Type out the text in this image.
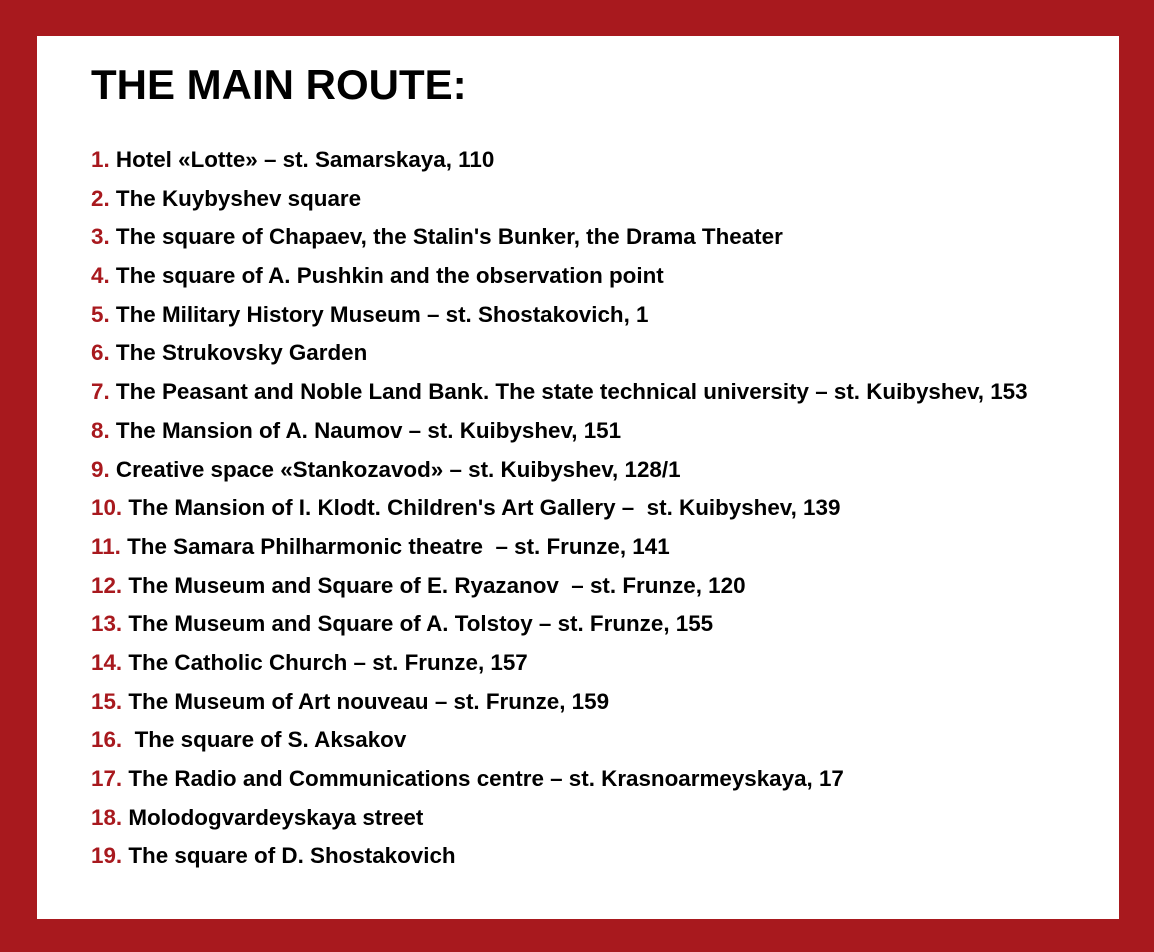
THE MAIN ROUTE:
1. Hotel «Lotte» – st. Samarskaya, 110
2. The Kuybyshev square
3. The square of Chapaev, the Stalin's Bunker, the Drama Theater
4. The square of A. Pushkin and the observation point
5. The Military History Museum – st. Shostakovich, 1
6. The Strukovsky Garden
7. The Peasant and Noble Land Bank. The state technical university – st. Kuibyshev, 153
8. The Mansion of A. Naumov – st. Kuibyshev, 151
9. Creative space «Stankozavod» – st. Kuibyshev, 128/1
10. The Mansion of I. Klodt. Children's Art Gallery –  st. Kuibyshev, 139
11. The Samara Philharmonic theatre  – st. Frunze, 141
12. The Museum and Square of E. Ryazanov  – st. Frunze, 120
13. The Museum and Square of A. Tolstoy – st. Frunze, 155
14. The Catholic Church – st. Frunze, 157
15. The Museum of Art nouveau – st. Frunze, 159
16.  The square of S. Aksakov
17. The Radio and Communications centre – st. Krasnoarmeyskaya, 17
18. Molodogvardeyskaya street
19. The square of D. Shostakovich
